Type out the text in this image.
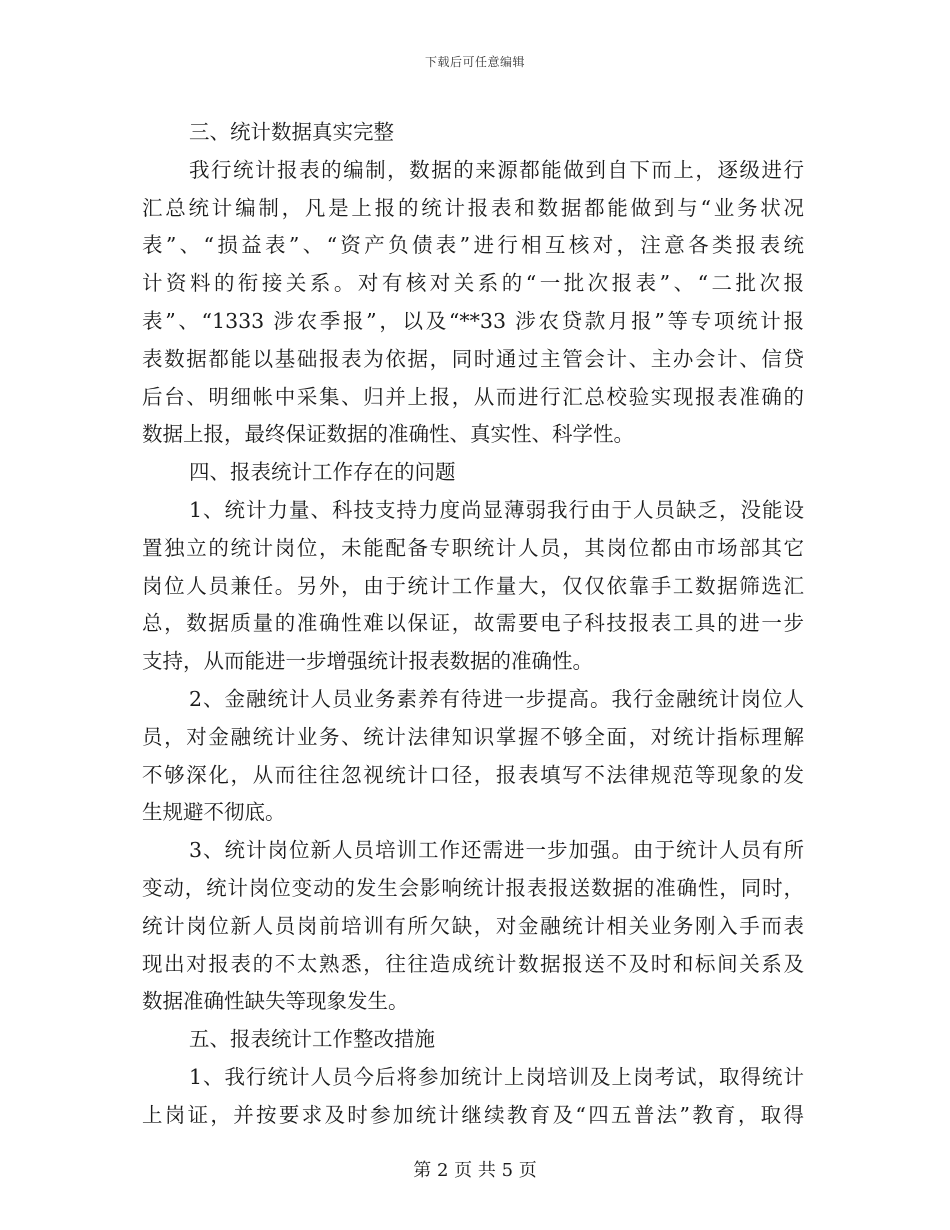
下载后可任意编辑
三、统计数据真实完整
我行统计报表的编制，数据的来源都能做到自下而上，逐级进行
汇总统计编制，凡是上报的统计报表和数据都能做到与“业务状况
表”、“损益表”、“资产负债表”进行相互核对，注意各类报表统
计资料的衔接关系。对有核对关系的“一批次报表”、“二批次报
表”、“1333 涉农季报”，以及“**33 涉农贷款月报”等专项统计报
表数据都能以基础报表为依据，同时通过主管会计、主办会计、信贷
后台、明细帐中采集、归并上报，从而进行汇总校验实现报表准确的
数据上报，最终保证数据的准确性、真实性、科学性。
四、报表统计工作存在的问题
1、统计力量、科技支持力度尚显薄弱我行由于人员缺乏，没能设
置独立的统计岗位，未能配备专职统计人员，其岗位都由市场部其它
岗位人员兼任。另外，由于统计工作量大，仅仅依靠手工数据筛选汇
总，数据质量的准确性难以保证，故需要电子科技报表工具的进一步
支持，从而能进一步增强统计报表数据的准确性。
2、金融统计人员业务素养有待进一步提高。我行金融统计岗位人
员，对金融统计业务、统计法律知识掌握不够全面，对统计指标理解
不够深化，从而往往忽视统计口径，报表填写不法律规范等现象的发
生规避不彻底。
3、统计岗位新人员培训工作还需进一步加强。由于统计人员有所
变动，统计岗位变动的发生会影响统计报表报送数据的准确性，同时，
统计岗位新人员岗前培训有所欠缺，对金融统计相关业务刚入手而表
现出对报表的不太熟悉，往往造成统计数据报送不及时和标间关系及
数据准确性缺失等现象发生。
五、报表统计工作整改措施
1、我行统计人员今后将参加统计上岗培训及上岗考试，取得统计
上岗证，并按要求及时参加统计继续教育及“四五普法”教育，取得
第 2 页 共 5 页
